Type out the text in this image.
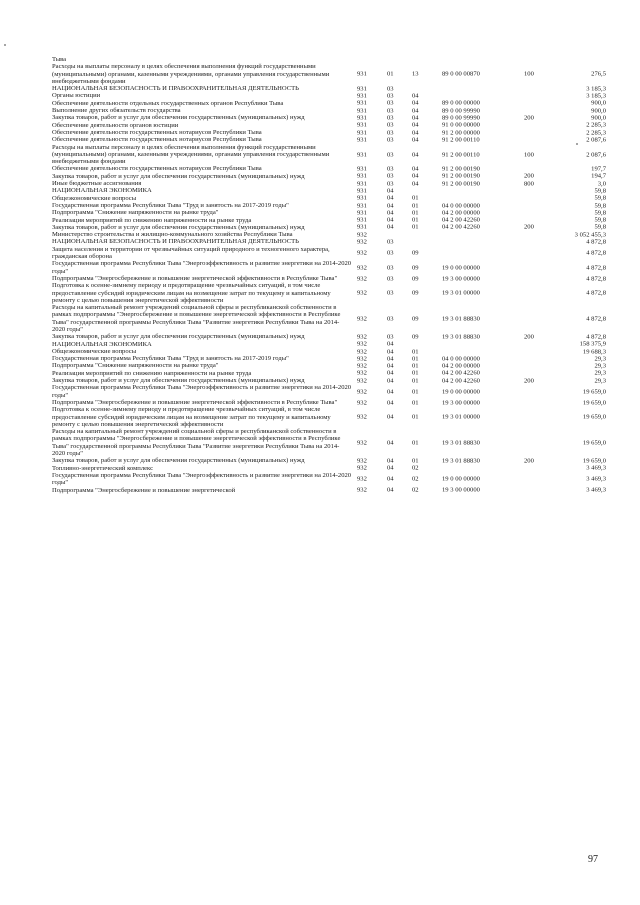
Тыва
Расходы на выплаты персоналу в целях обеспечения выполнения функций государственными (муниципальными) органами, казенными учреждениями, органами управления государственными внебюджетными фондами
931	01	13	89 0 00 00870	100	276,5
НАЦИОНАЛЬНАЯ БЕЗОПАСНОСТЬ И ПРАВООХРАНИТЕЛЬНАЯ ДЕЯТЕЛЬНОСТЬ	931	03	3 185,3
Органы юстиции	931	03	04	3 185,3
Обеспечение деятельности отдельных государственных органов Республики Тыва	931	03	04	89 0 00 00000	900,0
Выполнение других обязательств государства	931	03	04	89 0 00 99990	900,0
Закупка товаров, работ и услуг для обеспечения государственных (муниципальных) нужд	931	03	04	89 0 00 99990	200	900,0
Обеспечение деятельности органов юстиции	931	03	04	91 0 00 00000	2 285,3
Обеспечение деятельности государственных нотариусов Республики Тыва	931	03	04	91 2 00 00000	2 285,3
Обеспечение деятельности государственных нотариусов Республики Тыва	931	03	04	91 2 00 00110	2 087,6
Расходы на выплаты персоналу в целях обеспечения выполнения функций государственными (муниципальными) органами, казенными учреждениями, органами управления государственными внебюджетными фондами
931	03	04	91 2 00 00110	100	2 087,6
Обеспечение деятельности государственных нотариусов Республики Тыва	931	03	04	91 2 00 00190	197,7
Закупка товаров, работ и услуг для обеспечения государственных (муниципальных) нужд	931	03	04	91 2 00 00190	200	194,7
Иные бюджетные ассигнования	931	03	04	91 2 00 00190	800	3,0
НАЦИОНАЛЬНАЯ ЭКОНОМИКА	931	04	59,8
Общеэкономические вопросы	931	04	01	59,8
Государственная программа Республики Тыва "Труд и занятость на 2017-2019 годы"	931	04	01	04 0 00 00000	59,8
Подпрограмма "Снижение напряженности на рынке труда"	931	04	01	04 2 00 00000	59,8
Реализация мероприятий по снижению напряженности на рынке труда	931	04	01	04 2 00 42260	59,8
Закупка товаров, работ и услуг для обеспечения государственных (муниципальных) нужд	931	04	01	04 2 00 42260	200	59,8
Министерство строительства и жилищно-коммунального хозяйства Республики Тыва	932	3 052 455,3
НАЦИОНАЛЬНАЯ БЕЗОПАСНОСТЬ И ПРАВООХРАНИТЕЛЬНАЯ ДЕЯТЕЛЬНОСТЬ	932	03	4 872,8
Защита населения и территории от чрезвычайных ситуаций природного и техногенного характера, гражданская оборона
932	03	09	4 872,8
Государственная программа Республики Тыва "Энергоэффективность и развитие энергетики на 2014-2020 годы"
932	03	09	19 0 00 00000	4 872,8
Подпрограмма "Энергосбережение и повышение энергетической эффективности в Республике Тыва"	932	03	09	19 3 00 00000	4 872,8
Подготовка к осенне-зимнему периоду и предотвращение чрезвычайных ситуаций, в том числе предоставление субсидий юридическим лицам на возмещение затрат по текущему и капитальному ремонту с целью повышения энергетической эффективности
932	03	09	19 3 01 00000	4 872,8
Расходы на капитальный ремонт учреждений социальной сферы и республиканской собственности в рамках подпрограммы "Энергосбережение и повышение энергетической эффективности в Республике Тыва" государственной программы Республики Тыва "Развитие энергетики Республики Тыва на 2014-2020 годы"
932	03	09	19 3 01 88830	4 872,8
Закупка товаров, работ и услуг для обеспечения государственных (муниципальных) нужд	932	03	09	19 3 01 88830	200	4 872,8
НАЦИОНАЛЬНАЯ ЭКОНОМИКА	932	04	158 375,9
Общеэкономические вопросы	932	04	01	19 688,3
Государственная программа Республики Тыва "Труд и занятость на 2017-2019 годы"	932	04	01	04 0 00 00000	29,3
Подпрограмма "Снижение напряженности на рынке труда"	932	04	01	04 2 00 00000	29,3
Реализация мероприятий по снижению напряженности на рынке труда	932	04	01	04 2 00 42260	29,3
Закупка товаров, работ и услуг для обеспечения государственных (муниципальных) нужд	932	04	01	04 2 00 42260	200	29,3
Государственная программа Республики Тыва "Энергоэффективность и развитие энергетики на 2014-2020 годы"
932	04	01	19 0 00 00000	19 659,0
Подпрограмма "Энергосбережение и повышение энергетической эффективности в Республике Тыва"	932	04	01	19 3 00 00000	19 659,0
Подготовка к осенне-зимнему периоду и предотвращение чрезвычайных ситуаций, в том числе предоставление субсидий юридическим лицам на возмещение затрат по текущему и капитальному ремонту с целью повышения энергетической эффективности
932	04	01	19 3 01 00000	19 659,0
Расходы на капитальный ремонт учреждений социальной сферы и республиканской собственности в рамках подпрограммы "Энергосбережение и повышение энергетической эффективности в Республике Тыва" государственной программы Республики Тыва "Развитие энергетики Республики Тыва на 2014-2020 годы"
932	04	01	19 3 01 88830	19 659,0
Закупка товаров, работ и услуг для обеспечения государственных (муниципальных) нужд	932	04	01	19 3 01 88830	200	19 659,0
Топливно-энергетический комплекс	932	04	02	3 469,3
Государственная программа Республики Тыва "Энергоэффективность и развитие энергетики на 2014-2020 годы"
932	04	02	19 0 00 00000	3 469,3
Подпрограмма "Энергосбережение и повышение энергетической	932	04	02	19 3 00 00000	3 469,3
97
